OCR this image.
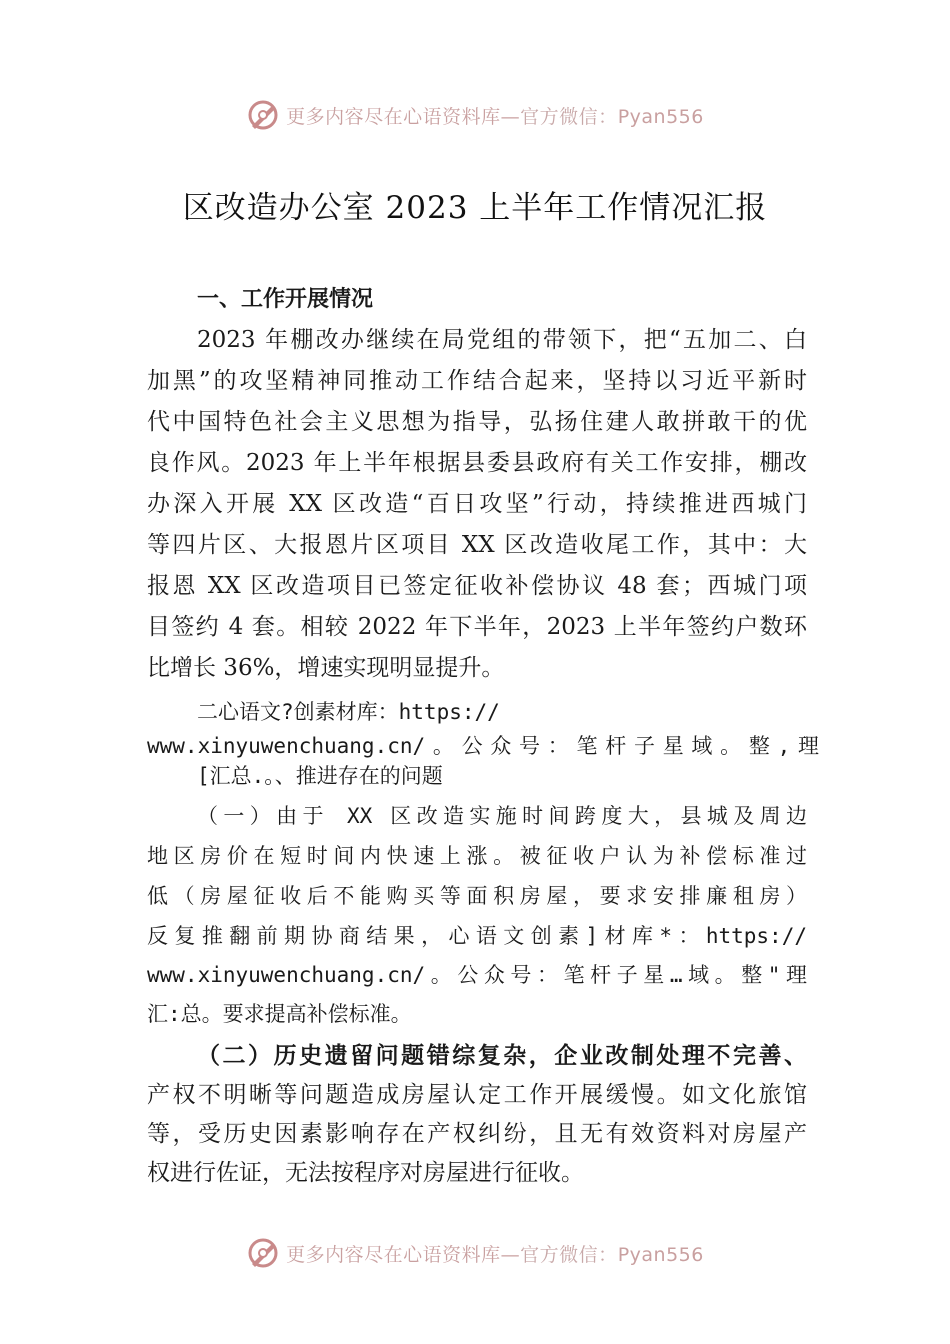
更多内容尽在心语资料库—官方微信：Pyan556
区改造办公室 2023 上半年工作情况汇报
一、工作开展情况
2023 年棚改办继续在局党组的带领下，把“五加二、白
加黑”的攻坚精神同推动工作结合起来，坚持以习近平新时
代中国特色社会主义思想为指导，弘扬住建人敢拼敢干的优
良作风。2023 年上半年根据县委县政府有关工作安排，棚改
办深入开展 XX 区改造“百日攻坚”行动，持续推进西城门
等四片区、大报恩片区项目 XX 区改造收尾工作，其中：大
报恩 XX 区改造项目已签定征收补偿协议 48 套；西城门项
目签约 4 套。相较 2022 年下半年，2023 上半年签约户数环
比增长 36%，增速实现明显提升。
二心语文?创素材库：https://
www.xinyuwenchuang.cn/。公众号：笔杆子星域。整,理
[汇总.。、推进存在的问题
（一）由于 XX 区改造实施时间跨度大，县城及周边
地区房价在短时间内快速上涨。被征收户认为补偿标准过
低（房屋征收后不能购买等面积房屋，要求安排廉租房）
反复推翻前期协商结果，心语文创素]材库*：https://
www.xinyuwenchuang.cn/。公众号：笔杆子星…域。整"理
汇:总。要求提高补偿标准。
（二）历史遗留问题错综复杂，企业改制处理不完善、
产权不明晰等问题造成房屋认定工作开展缓慢。如文化旅馆
等，受历史因素影响存在产权纠纷，且无有效资料对房屋产
权进行佐证，无法按程序对房屋进行征收。
更多内容尽在心语资料库—官方微信：Pyan556
